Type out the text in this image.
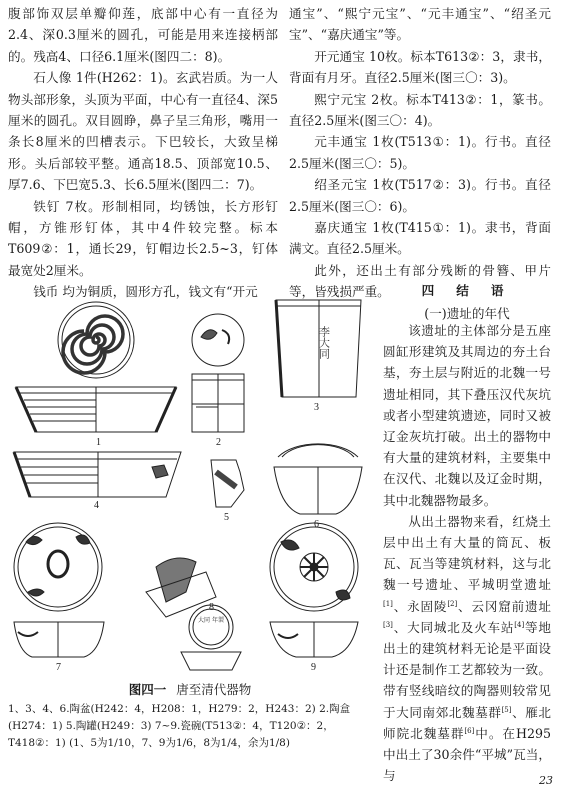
腹部饰双层单瓣仰莲，底部中心有一直径为2.4、深0.3厘米的圆孔，可能是用来连接柄部的。残高4、口径6.1厘米(图四二：8)。

石人像 1件(H262：1)。玄武岩质。为一人物头部形象，头顶为平面，中心有一直径4、深5厘米的圆孔。双目圆睁，鼻子呈三角形，嘴用一条长8厘米的凹槽表示。下巴较长，大致呈梯形。头后部较平整。通高18.5、顶部宽10.5、厚7.6、下巴宽5.3、长6.5厘米(图四二：7)。

铁钉 7枚。形制相同，均锈蚀，长方形钉帽，方锥形钉体，其中4件较完整。标本T609②：1，通长29，钉帽边长2.5~3，钉体最宽处2厘米。

钱币 均为铜质，圆形方孔，钱文有“开元

通宝”、“熙宁元宝”、“元丰通宝”、“绍圣元宝”、“嘉庆通宝”等。

开元通宝 10枚。标本T613②：3，隶书，背面有月牙。直径2.5厘米(图三〇：3)。

熙宁元宝 2枚。标本T413②：1，篆书。直径2.5厘米(图三〇：4)。

元丰通宝 1枚(T513①：1)。行书。直径2.5厘米(图三〇：5)。

绍圣元宝 1枚(T517②：3)。行书。直径2.5厘米(图三〇：6)。

嘉庆通宝 1枚(T415①：1)。隶书，背面满文。直径2.5厘米。

此外，还出土有部分残断的骨簪、甲片等，皆残损严重。	四 结 语

(一)遗址的年代

该遗址的主体部分是五座圆缸形建筑及其周边的夯土台基，夯土层与附近的北魏一号遗址相同，其下叠压汉代灰坑或者小型建筑遗迹，同时又被辽金灰坑打破。出土的器物中有大量的建筑材料，主要集中在汉代、北魏以及辽金时期，其中北魏器物最多。

从出土器物来看，红烧土层中出土有大量的筒瓦、板瓦、瓦当等建筑材料，这与北魏一号遗址、平城明堂遗址[1]、永固陵[2]、云冈窟前遗址[3]、大同城北及火车站[4]等地出土的建筑材料无论是平面设计还是制作工艺都较为一致。带有竖线暗纹的陶器则较常见于大同南郊北魏墓群[5]、雁北师院北魏墓群[6]中。在H295中出土了30余件“平城”瓦当，与

1	2
3
4
5
6
7
8
9
李大同
大同 年製
图四一 唐至清代器物
1、3、4、6.陶盆(H242：4，H208：1，H279：2，H243：2) 2.陶盒(H274：1) 5.陶罐(H249：3) 7~9.瓷碗(T513②：4，T120②：2，T418②：1) (1、5为1/10，7、9为1/6，8为1/4，余为1/8)
23
